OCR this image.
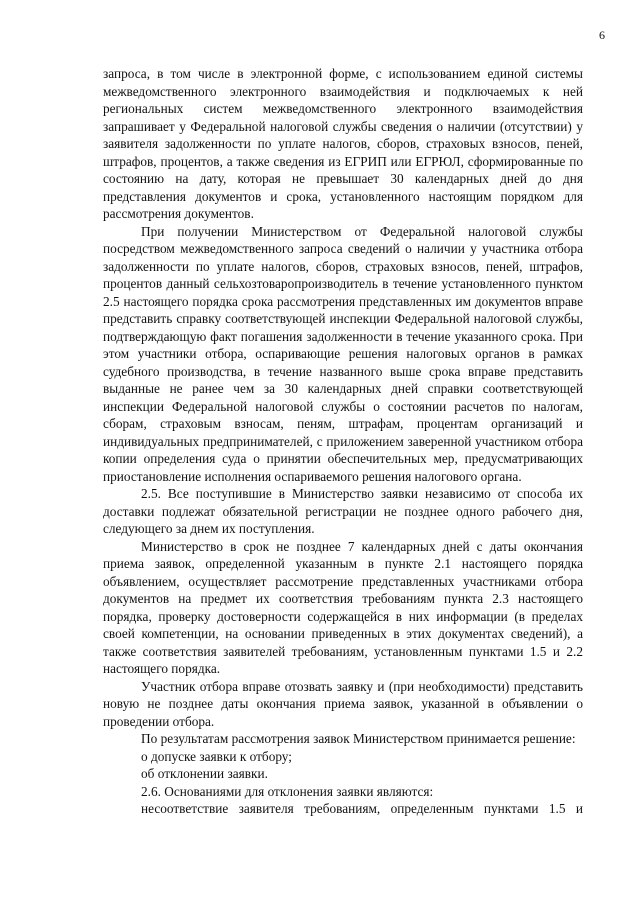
6

запроса, в том числе в электронной форме, с использованием единой системы межведомственного электронного взаимодействия и подключаемых к ней региональных систем межведомственного электронного взаимодействия запрашивает у Федеральной налоговой службы сведения о наличии (отсутствии) у заявителя задолженности по уплате налогов, сборов, страховых взносов, пеней, штрафов, процентов, а также сведения из ЕГРИП или ЕГРЮЛ, сформированные по состоянию на дату, которая не превышает 30 календарных дней до дня представления документов и срока, установленного настоящим порядком для рассмотрения документов.

При получении Министерством от Федеральной налоговой службы посредством межведомственного запроса сведений о наличии у участника отбора задолженности по уплате налогов, сборов, страховых взносов, пеней, штрафов, процентов данный сельхозтоваропроизводитель в течение установленного пунктом 2.5 настоящего порядка срока рассмотрения представленных им документов вправе представить справку соответствующей инспекции Федеральной налоговой службы, подтверждающую факт погашения задолженности в течение указанного срока. При этом участники отбора, оспаривающие решения налоговых органов в рамках судебного производства, в течение названного выше срока вправе представить выданные не ранее чем за 30 календарных дней справки соответствующей инспекции Федеральной налоговой службы о состоянии расчетов по налогам, сборам, страховым взносам, пеням, штрафам, процентам организаций и индивидуальных предпринимателей, с приложением заверенной участником отбора копии определения суда о принятии обеспечительных мер, предусматривающих приостановление исполнения оспариваемого решения налогового органа.

2.5. Все поступившие в Министерство заявки независимо от способа их доставки подлежат обязательной регистрации не позднее одного рабочего дня, следующего за днем их поступления.

Министерство в срок не позднее 7 календарных дней с даты окончания приема заявок, определенной указанным в пункте 2.1 настоящего порядка объявлением, осуществляет рассмотрение представленных участниками отбора документов на предмет их соответствия требованиям пункта 2.3 настоящего порядка, проверку достоверности содержащейся в них информации (в пределах своей компетенции, на основании приведенных в этих документах сведений), а также соответствия заявителей требованиям, установленным пунктами 1.5 и 2.2 настоящего порядка.

Участник отбора вправе отозвать заявку и (при необходимости) представить новую не позднее даты окончания приема заявок, указанной в объявлении о проведении отбора.

По результатам рассмотрения заявок Министерством принимается решение:

о допуске заявки к отбору;

об отклонении заявки.

2.6. Основаниями для отклонения заявки являются:

несоответствие заявителя требованиям, определенным пунктами 1.5 и
